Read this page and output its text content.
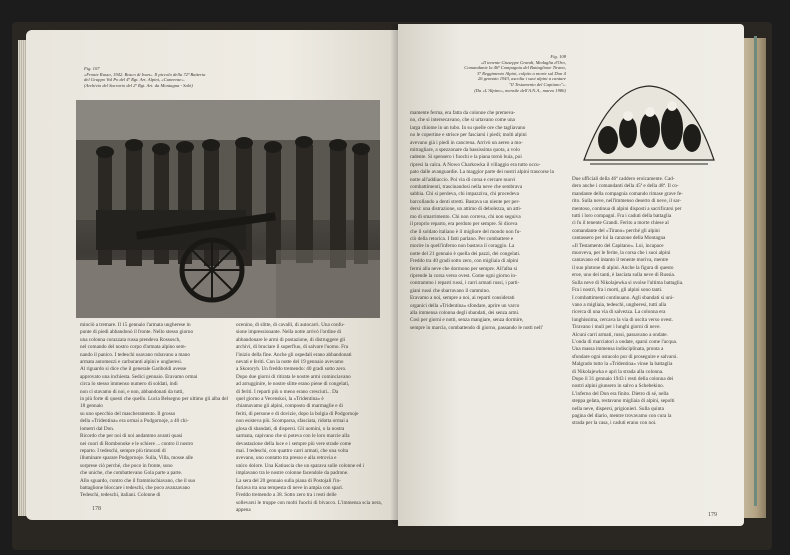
Fig. 107
«Fronte Russo, 1942. Bosco di Ivan». Il piccolo della 72ª Batteria
del Gruppo Val Po del 4º Rgt. Art. Alpini, «Cuneense».
(Archivio del Sacrario del 2º Rgt. Art. da Montagna - Salò)
minciò a tremare. Il 15 gennaio l'armata ungherese in
punte di piedi abbandonò il fronte. Nello stesso giorno
una colonna corazzata russa prendeva Rossosch,
nel comando del nostro corpo d'armata alpino sem-
nando il panico. I tedeschi usavano rubavano a mano
armata automezzi e carburanti alpini e ungheresi.
Al riguardo si dice che il generale Gariboldi avesse
approvato una inchiesta. Sedici gennaio. Eravamo ormai
circa lo stesso immenso numero di soldati, indi
non ci stavamo di noi, e non, abbandonati da tutti,
in più forte di questi che quello. Lucia Belsegno per ultimo gli alba del 18 gennaio
su uno specchio del mascheramento. Il grosso
della «Tridentina» era ormai a Podgornoje, a 40 chi-
lometri dal Don.
Ricordo che per noi di noi andammo avanti quasi
nei cuori di Rombonoke e le schiere ... contro il nostro
reparto. I tedeschi, sempre più timorati di
illuminare sparare Podgornoje. Sulla, Villa, mosse alle
sorprese ciò perché, che poco in fronte, sono
che uniche, che combattevano Gola parte a parte.
Allo sguardo, contro che il frammischiavano, che il suo
battaglione bloccare i tedeschi, che poco avanzavano
Tedeschi, tedeschi, italiani. Colonne di
ocenino, di slitte, di cavalli, di autocarri. Una confu-
sione impressionante. Nella notte arrivò l'ordine di
abbandonare le armi di postazione, di distruggere gli
archivi, di bruciare il superfluo, di salvare l'uomo. Fra
l'inizio della fine. Anche gli ospedali erano abbandonati
nevati e feriti. Con la notte del 19 gennaio avevamo
a Skororyb. Un freddo tremendo: 40 gradi sotto zero.
Dopo due giorni di ritirata le nostre armi cominciavano
ad arrugginire, le nostre slitte erano piene di congelati,
di feriti. I reparti più o meno erano cresciuti... Da
quel giorno a Vecenskoi, la «Tridentina» è
chiamavamo gli alpini, composto di marmaglie e di
feriti, di persone e di dovizie, dopo la bolgia di Podgornoje
non esisteva più. Scomparsa, sfasciata, ridotta ormai a
glosa di sbandati, di dispersi. Gli uomini, o la nostra
sarmata, capivano che si poteva con le loro marcie alla
devastazione della luce e i sempre più vere strade come
mai. I tedeschi, con quattro carri armati, che una volta
avevano, uno contatto tra presso e alla retrovia e
unico dolore. Una Katiuscia che un sparava sulle colonne ed i
implavano tra le nostre colonne facendole da padrone.
La sera del 20 gennaio sulla piana di Postojali l'in-
furiava tra una tempesta di neve in ampia con spari.
Freddo tremendo a 38. Sotto zero tra i resti delle
sollevarsi le truppe con molti fuochi di bivacco. L'immensa scia nera, appena
178
Fig. 108
«Il tenente Giuseppe Grandi, Medaglia d'Oro,
Comandante la 46ª Compagnia del Battaglione Tirano,
5º Reggimento Alpini, colpito a morte sul Don il
26 gennaio 1943, ascolta i suoi alpini a cantare
"Il Testamento del Capitano"».
(Da «L'Alpino», mensile dell'A.N.A., marzo 1986)
mamente ferma, era fatta da colonne che premeva-
no, che si intersecavano, che si urtavano come una
larga chiome in un tubo. In su quelle ore che tagliavano
no le copertine e strisce per fasciarsi i piedi; molti alpini
avevano già i piedi in cancrena. Arrivò un aereo a mo-
mitragliare, a spezzonare da bassissima quota, a volo
radente. Si spensero i fuochi e la piana tornò buia, poi
ripresi la calca. A Nowo Charkowka il villaggio era tutto occu-
pato dalle avanguardie. La maggior parte dei nostri alpini trascorse la
notte all'addiaccio. Poi via di corsa e cercare nuovi
combattimenti, trascinandosi nella neve che sembrava
sabbia. Chi si perdeva, chi impazziva, chi procedeva
barcollando a denti stretti. Bastava un niente per per-
dersi: una distrazione, un attimo di debolezza, un atti-
mo di smarrimento. Chi non correva, chi non seguiva
il proprio reparto, era perduto per sempre. Si diceva
che il soldato italiano è il migliore del mondo non fu-
ciò della retorica. I fatti parlano. Per combattere e
morire in quell'inferno non bastava il coraggio. La
notte del 21 gennaio è quella dei pazzi, dei congelati.
Freddo tra 40 gradi sotto zero, con migliaia di alpini
fermi alla neve che dormono per sempre. All'alba si
riprende la corsa verso ovest. Come ogni giorno in-
contrammo i reparti russi, i carri armati russi, i parti-
giani russi che sbarravano il cammino.
Eravamo a noi, sempre a noi, ai reparti considerati
organici della «Tridentina» sfondare, aprire un varco
alla immensa colonna degli sbandati, dei senza armi.
Così per giorni e notti, senza mangiare, senza dormire,
sempre in marcia, combattendo di giorno, passando le notti nell'
Due ufficiali della 46ª caddero eroicamente. Cad-
dero anche i comandanti della 45ª e della 48ª. Il co-
mandante della compagnia comando rimase grave fe-
rito. Sulla neve, nell'immenso deserto di neve, il sar-
mentoso, continua di alpini disposti a sacrificarsi per
tutti i loro compagni. Fra i caduti della battaglia
ci fu il tenente Grandi. Ferito a morte chiese al
comandante del «Tirano» perché gli alpini
cantassero per lui la canzone della Montagna
«Il Testamento del Capitano». Lui, incapace
muoveva, per le ferite, la corsa che i suoi alpini
cantavano ed intanto il tenente moriva, mentre
il suo plotone di alpini. Anche la figura di questo
eroe, uno dei tanti, è lasciata sulla neve di Russia.
Sulla neve di Nikolajewka si svolse l'ultima battaglia.
Fra i nostri, fra i morti, gli alpini sono tanti.
I combattimenti continuano. Agli sbandati si uni-
vano a migliaia, tedeschi, ungheresi, tutti alla
ricerca di una via di salvezza. La colonna era
lunghissima, cercava la via di uscita verso ovest.
Tiravano i muli per i lunghi giorni di neve.
Alcuni carri armati, russi, passavano a ondate.
L'onda di marciatori a ondate, sparsi come l'acqua.
Una massa immensa indisciplinata, pronta a
sfondare ogni ostacolo pur di proseguire e salvarsi.
Malgrado tutto la «Tridentina» vinse la battaglia
di Nikolajewka e aprì la strada alla colonna.
Dopo il 31 gennaio 1943 i resti della colonna dei
nostri alpini giunsero in salvo a Schebekino.
L'inferno del Don era finito. Dietro di sé, nella
steppa gelata, restavano migliaia di alpini, sepolti
nella neve, dispersi, prigionieri. Sulla quinta
pagina del diario, mentre trovavamo con cura la
strada per la casa, i caduti erano con noi.
179
